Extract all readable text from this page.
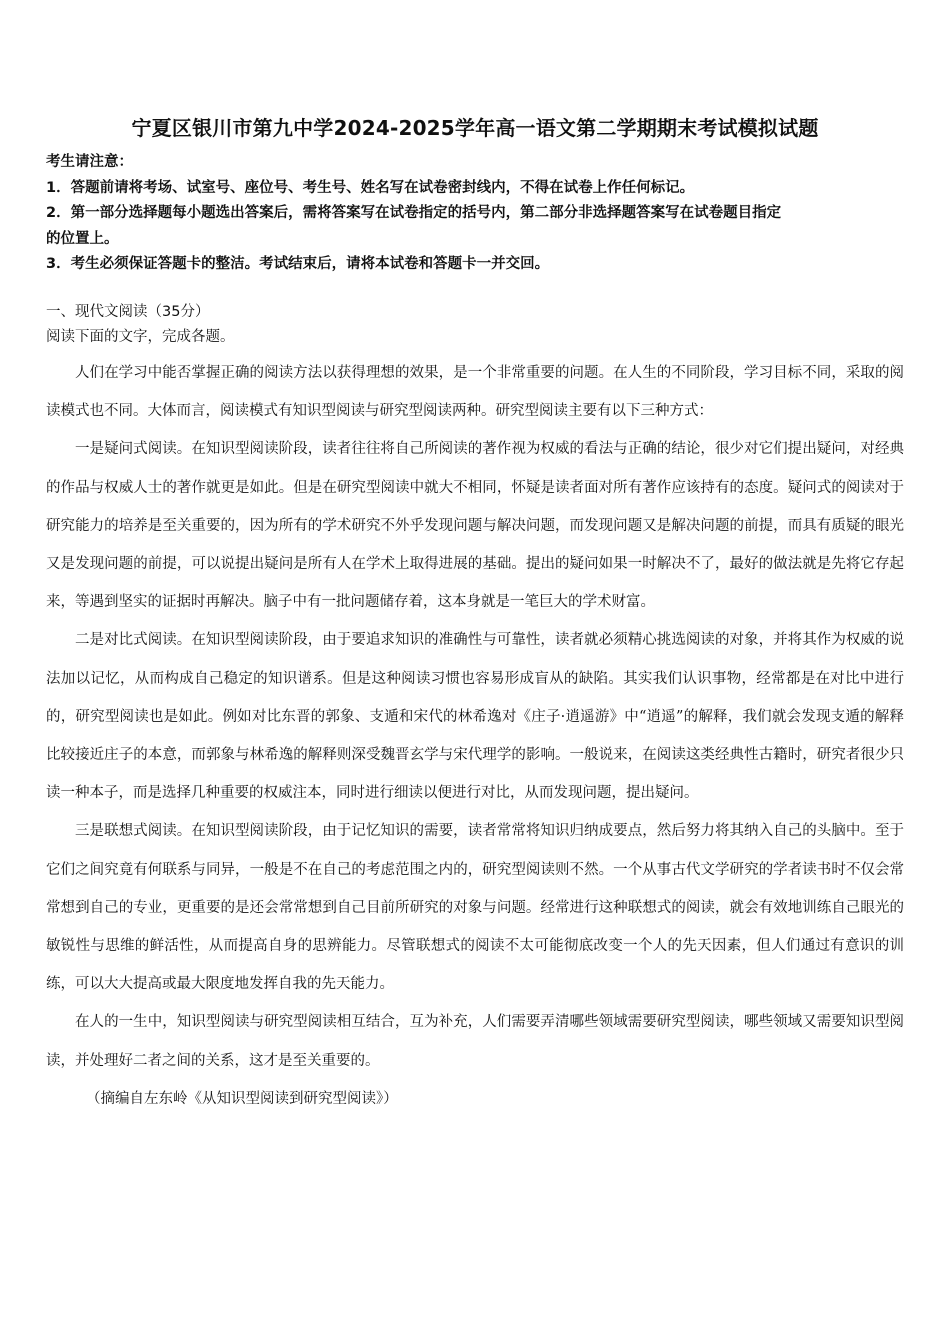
宁夏区银川市第九中学2024-2025学年高一语文第二学期期末考试模拟试题
考生请注意：
1．答题前请将考场、试室号、座位号、考生号、姓名写在试卷密封线内，不得在试卷上作任何标记。
2．第一部分选择题每小题选出答案后，需将答案写在试卷指定的括号内，第二部分非选择题答案写在试卷题目指定
的位置上。
3．考生必须保证答题卡的整洁。考试结束后，请将本试卷和答题卡一并交回。
一、现代文阅读（35分）
阅读下面的文字，完成各题。

人们在学习中能否掌握正确的阅读方法以获得理想的效果，是一个非常重要的问题。在人生的不同阶段，学习目标不同，采取的阅读模式也不同。大体而言，阅读模式有知识型阅读与研究型阅读两种。研究型阅读主要有以下三种方式：

一是疑问式阅读。在知识型阅读阶段，读者往往将自己所阅读的著作视为权威的看法与正确的结论，很少对它们提出疑问，对经典的作品与权威人士的著作就更是如此。但是在研究型阅读中就大不相同，怀疑是读者面对所有著作应该持有的态度。疑问式的阅读对于研究能力的培养是至关重要的，因为所有的学术研究不外乎发现问题与解决问题，而发现问题又是解决问题的前提，而具有质疑的眼光又是发现问题的前提，可以说提出疑问是所有人在学术上取得进展的基础。提出的疑问如果一时解决不了，最好的做法就是先将它存起来，等遇到坚实的证据时再解决。脑子中有一批问题储存着，这本身就是一笔巨大的学术财富。

二是对比式阅读。在知识型阅读阶段，由于要追求知识的准确性与可靠性，读者就必须精心挑选阅读的对象，并将其作为权威的说法加以记忆，从而构成自己稳定的知识谱系。但是这种阅读习惯也容易形成盲从的缺陷。其实我们认识事物，经常都是在对比中进行的，研究型阅读也是如此。例如对比东晋的郭象、支遁和宋代的林希逸对《庄子·逍遥游》中“逍遥”的解释，我们就会发现支遁的解释比较接近庄子的本意，而郭象与林希逸的解释则深受魏晋玄学与宋代理学的影响。一般说来，在阅读这类经典性古籍时，研究者很少只读一种本子，而是选择几种重要的权威注本，同时进行细读以便进行对比，从而发现问题，提出疑问。

三是联想式阅读。在知识型阅读阶段，由于记忆知识的需要，读者常常将知识归纳成要点，然后努力将其纳入自己的头脑中。至于它们之间究竟有何联系与同异，一般是不在自己的考虑范围之内的，研究型阅读则不然。一个从事古代文学研究的学者读书时不仅会常常想到自己的专业，更重要的是还会常常想到自己目前所研究的对象与问题。经常进行这种联想式的阅读，就会有效地训练自己眼光的敏锐性与思维的鲜活性，从而提高自身的思辨能力。尽管联想式的阅读不太可能彻底改变一个人的先天因素，但人们通过有意识的训练，可以大大提高或最大限度地发挥自我的先天能力。

在人的一生中，知识型阅读与研究型阅读相互结合，互为补充，人们需要弄清哪些领域需要研究型阅读，哪些领域又需要知识型阅读，并处理好二者之间的关系，这才是至关重要的。

（摘编自左东岭《从知识型阅读到研究型阅读》）
